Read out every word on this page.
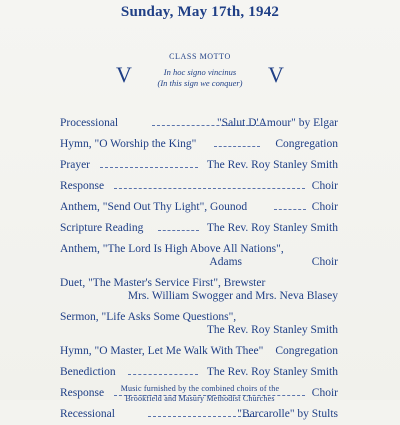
Sunday, May 17th, 1942
CLASS MOTTO
V	In hoc signo vincinus
(In this sign we conquer)	V
Processional	"Salut D'Amour" by Elgar
Hymn, "O Worship the King"	Congregation
Prayer	The Rev. Roy Stanley Smith
Response	Choir
Anthem, "Send Out Thy Light", Gounod	Choir
Scripture Reading	The Rev. Roy Stanley Smith
Anthem, "The Lord Is High Above All Nations",
Adams	Choir
Duet, "The Master's Service First", Brewster
Mrs. William Swogger and Mrs. Neva Blasey
Sermon, "Life Asks Some Questions",
The Rev. Roy Stanley Smith
Hymn, "O Master, Let Me Walk With Thee" Congregation
Benediction	The Rev. Roy Stanley Smith
Response	Choir
Recessional	"Barcarolle" by Stults
Music furnished by the combined choirs of the
Brookfield and Masury Methodist Churches
